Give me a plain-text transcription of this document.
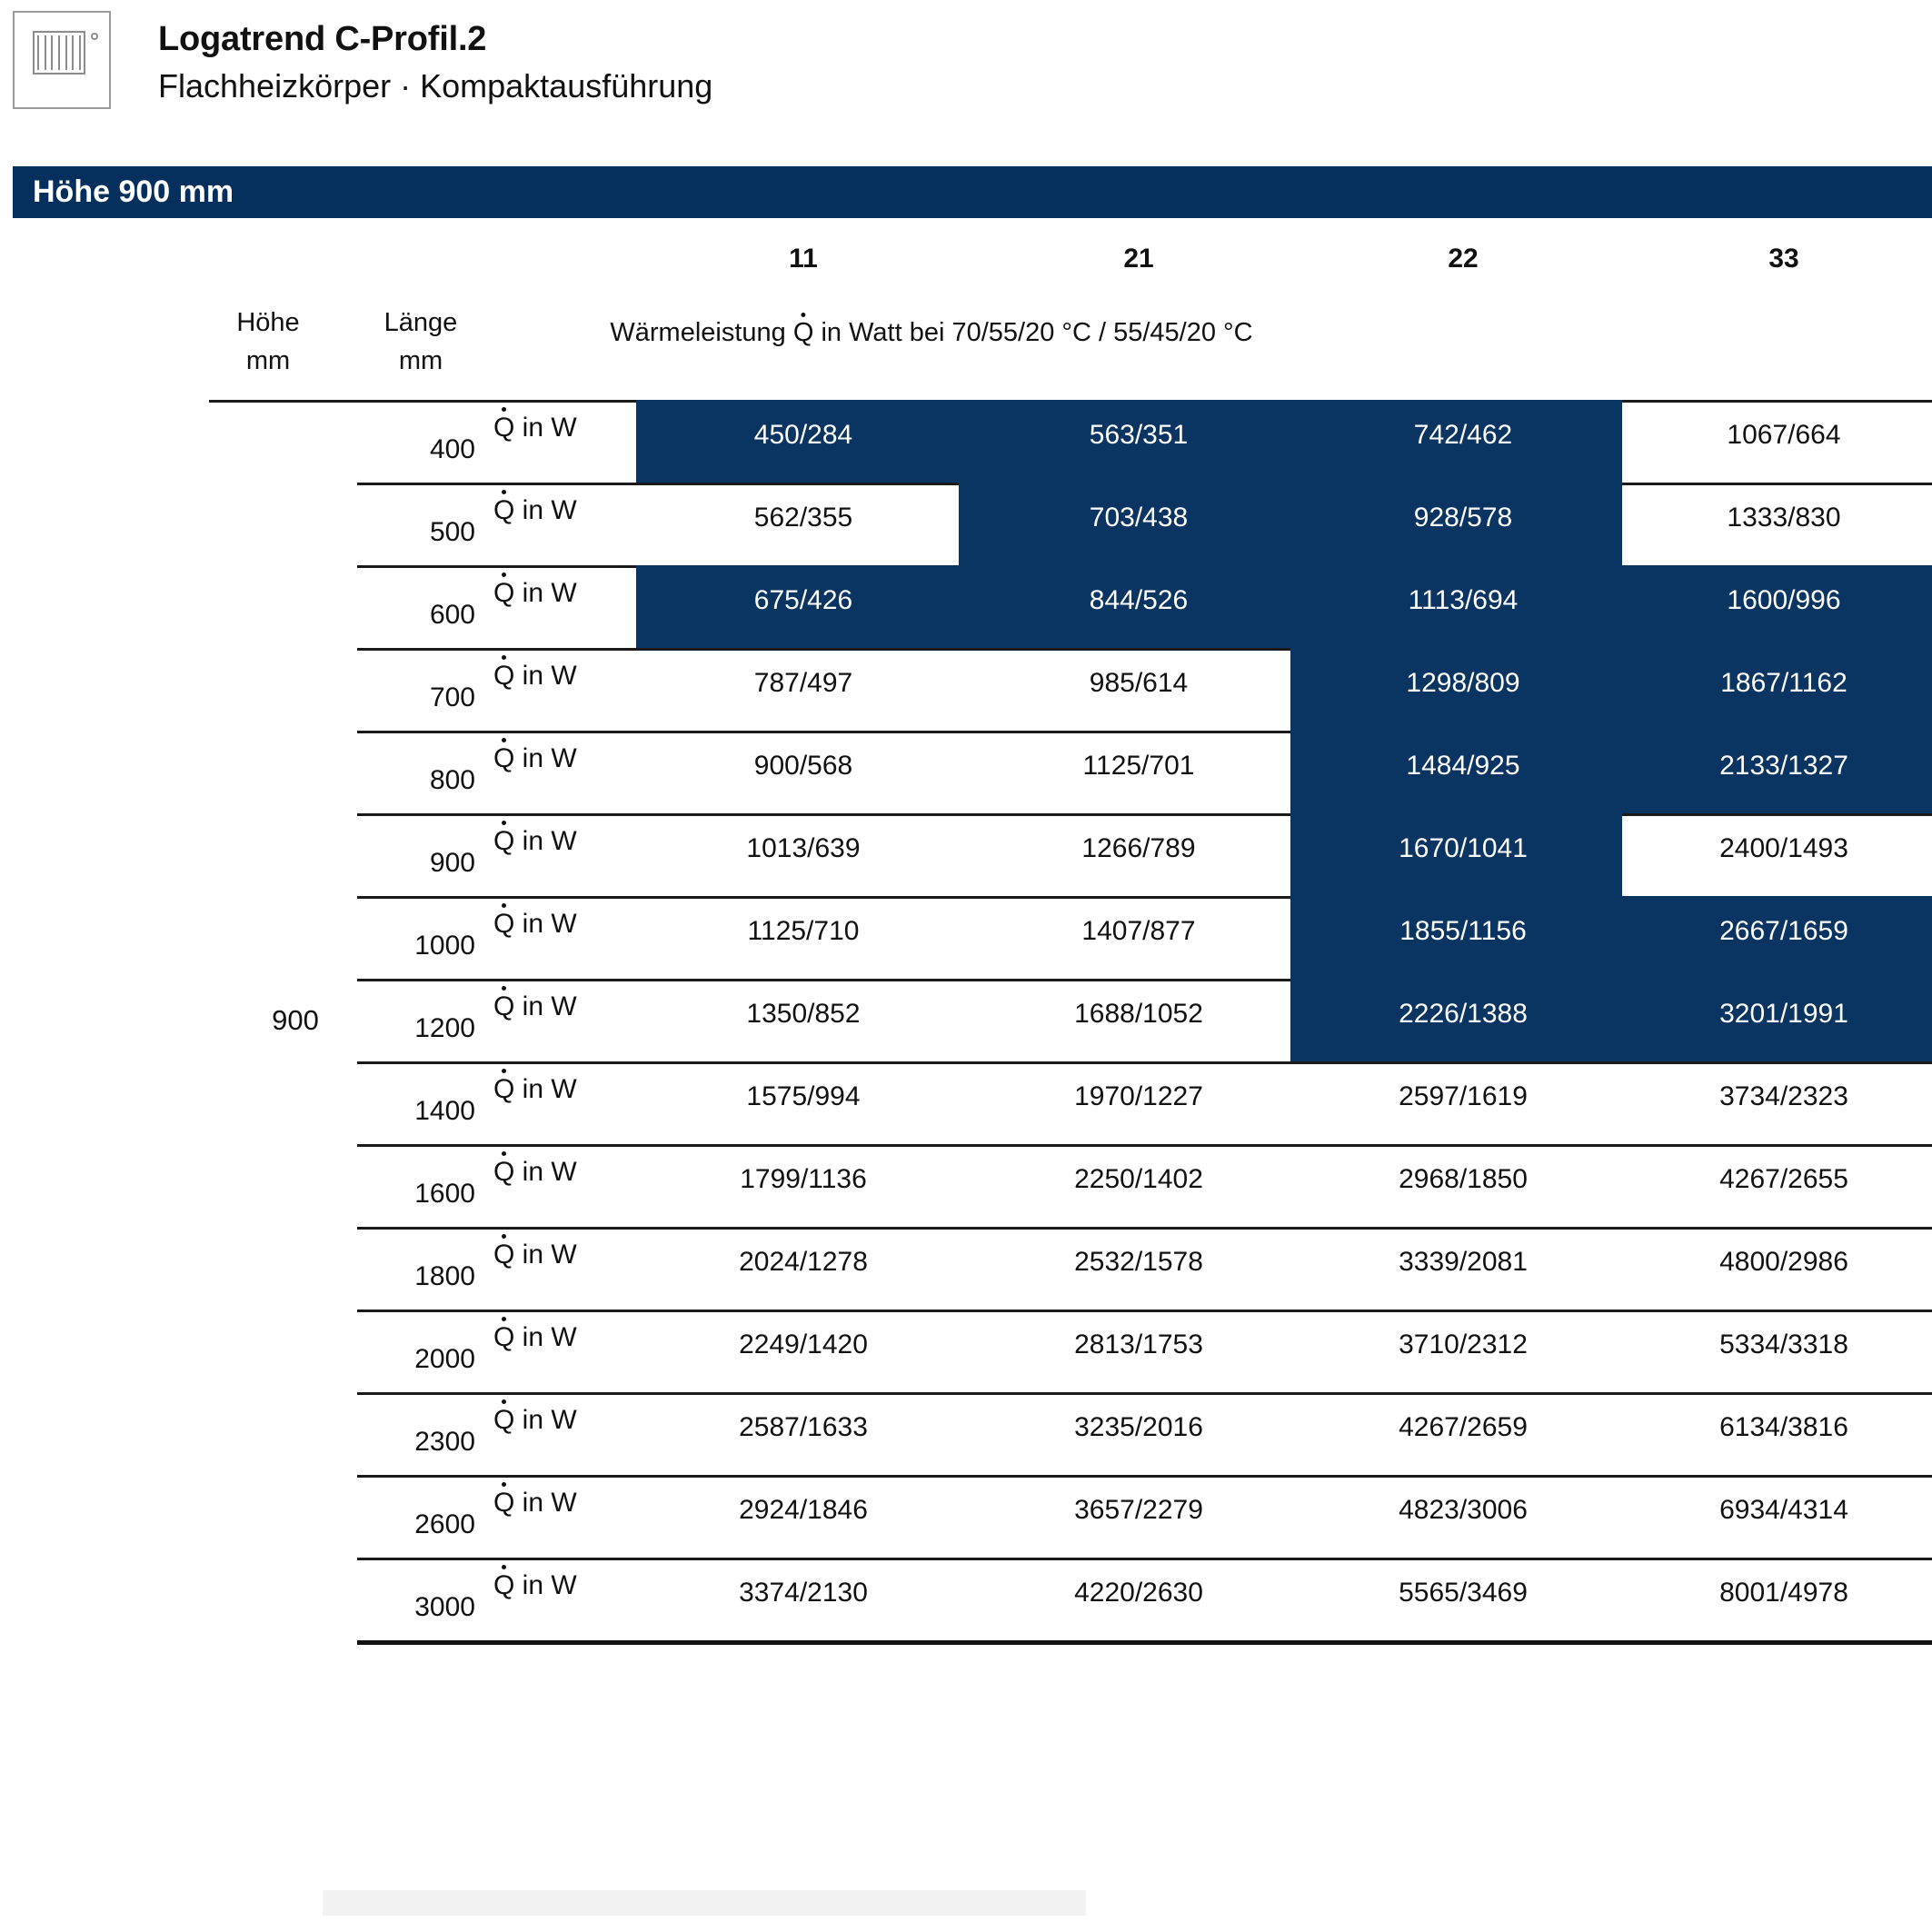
Logatrend C-Profil.2
Flachheizkörper · Kompaktausführung
Höhe 900 mm
11	21	22	33
Höhe
mm
Länge
mm
Wärmeleistung Q in Watt bei 70/55/20 °C / 55/45/20 °C
400
Q in W	450/284	563/351	742/462	1067/664
500
Q in W	562/355	703/438	928/578	1333/830
600
Q in W	675/426	844/526	1113/694	1600/996
700
Q in W	787/497	985/614	1298/809	1867/1162
800
Q in W	900/568	1125/701	1484/925	2133/1327
900
Q in W	1013/639	1266/789	1670/1041	2400/1493
1000
Q in W	1125/710	1407/877	1855/1156	2667/1659
1200
Q in W	1350/852	1688/1052	2226/1388	3201/1991
1400
Q in W	1575/994	1970/1227	2597/1619	3734/2323
1600
Q in W	1799/1136	2250/1402	2968/1850	4267/2655
1800
Q in W	2024/1278	2532/1578	3339/2081	4800/2986
2000
Q in W	2249/1420	2813/1753	3710/2312	5334/3318
2300
Q in W	2587/1633	3235/2016	4267/2659	6134/3816
2600
Q in W	2924/1846	3657/2279	4823/3006	6934/4314
3000
Q in W	3374/2130	4220/2630	5565/3469	8001/4978
900
